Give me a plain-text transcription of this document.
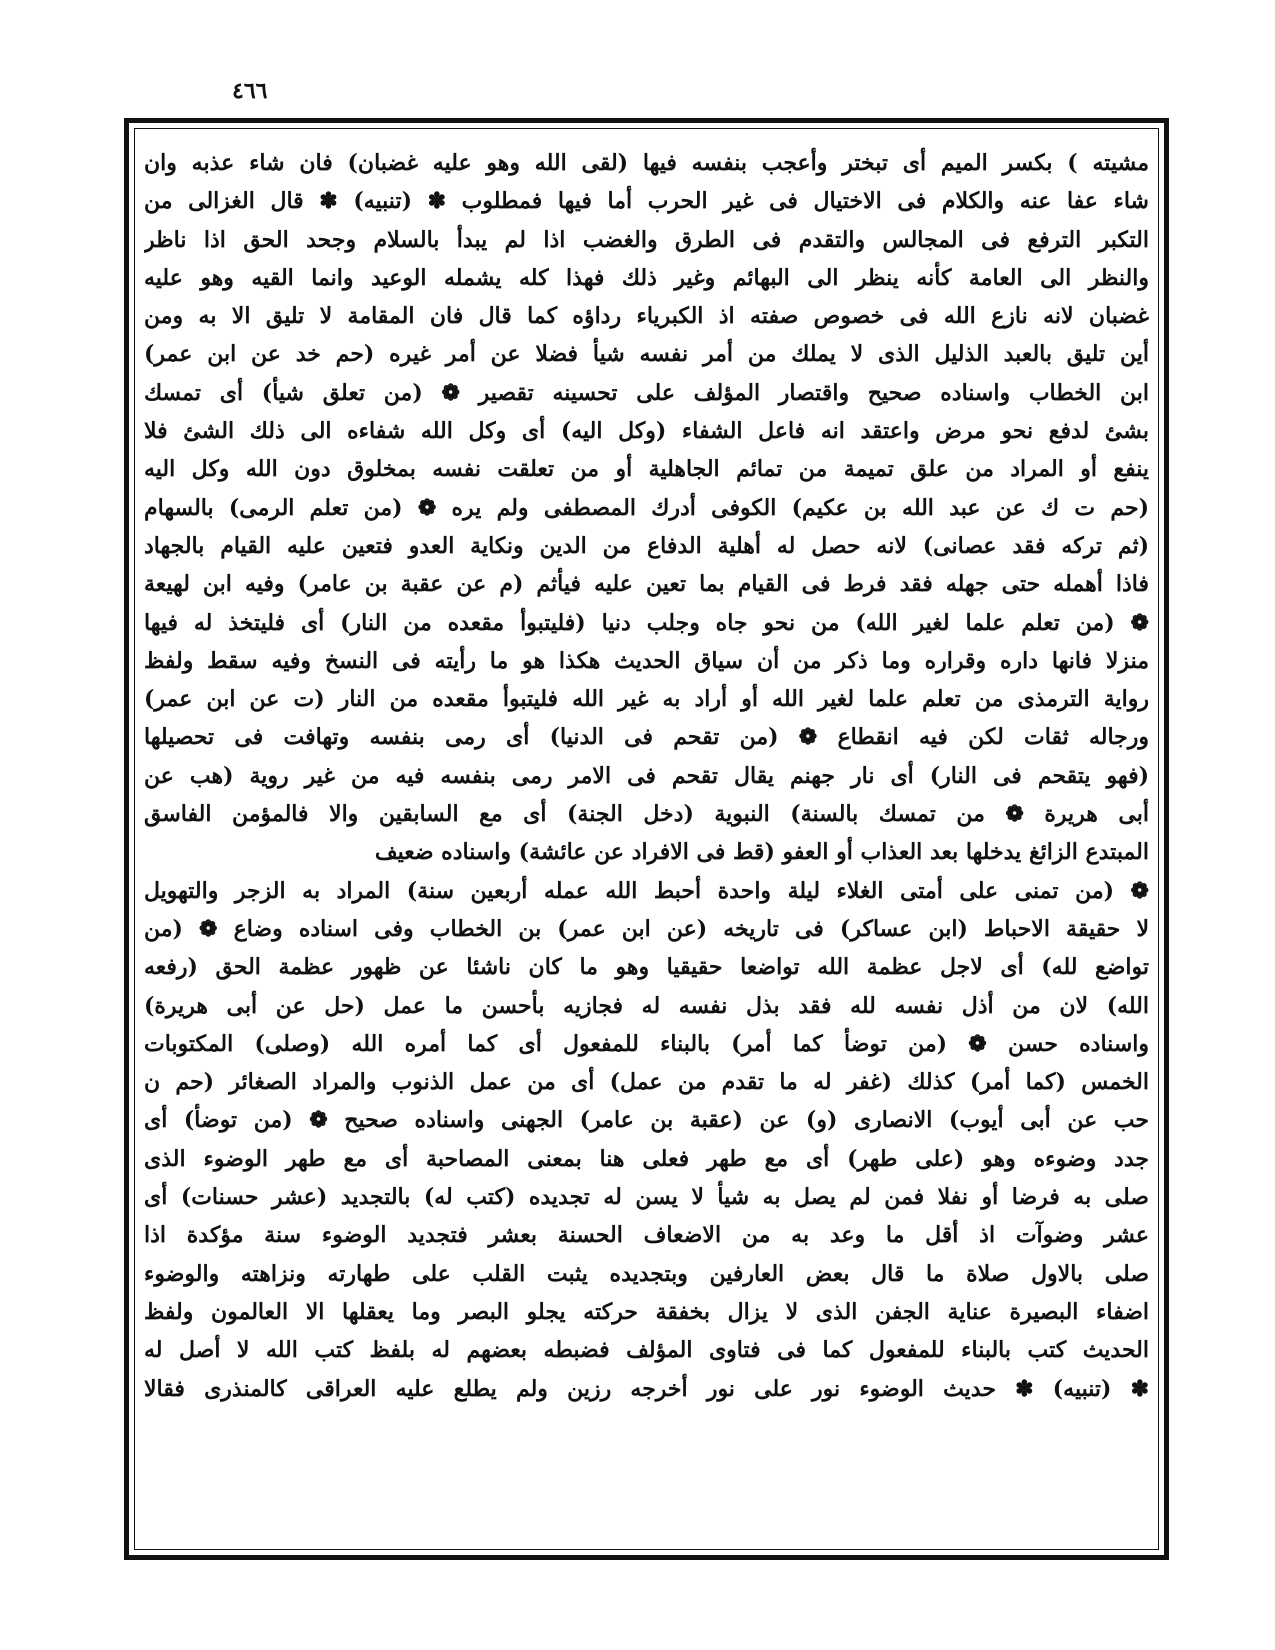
٤٦٦
مشيته ) بكسر الميم أى تبختر وأعجب بنفسه فيها (لقى الله وهو عليه غضبان) فان شاء عذبه وان
شاء عفا عنه والكلام فى الاختيال فى غير الحرب أما فيها فمطلوب ✽ (تنبيه) ✽ قال الغزالى من
التكبر الترفع فى المجالس والتقدم فى الطرق والغضب اذا لم يبدأ بالسلام وجحد الحق اذا ناظر
والنظر الى العامة كأنه ينظر الى البهائم وغير ذلك فهذا كله يشمله الوعيد وانما القيه وهو عليه
غضبان لانه نازع الله فى خصوص صفته اذ الكبرياء رداؤه كما قال فان المقامة لا تليق الا به ومن
أين تليق بالعبد الذليل الذى لا يملك من أمر نفسه شيأ فضلا عن أمر غيره (حم خد عن ابن عمر)
ابن الخطاب واسناده صحيح واقتصار المؤلف على تحسينه تقصير ❁ (من تعلق شيأ) أى تمسك
بشئ لدفع نحو مرض واعتقد انه فاعل الشفاء (وكل اليه) أى وكل الله شفاءه الى ذلك الشئ فلا
ينفع أو المراد من علق تميمة من تمائم الجاهلية أو من تعلقت نفسه بمخلوق دون الله وكل اليه
(حم ت ك عن عبد الله بن عكيم) الكوفى أدرك المصطفى ولم يره ❁ (من تعلم الرمى) بالسهام
(ثم تركه فقد عصانى) لانه حصل له أهلية الدفاع من الدين ونكاية العدو فتعين عليه القيام بالجهاد
فاذا أهمله حتى جهله فقد فرط فى القيام بما تعين عليه فيأثم (م عن عقبة بن عامر) وفيه ابن لهيعة
❁ (من تعلم علما لغير الله) من نحو جاه وجلب دنيا (فليتبوأ مقعده من النار) أى فليتخذ له فيها
منزلا فانها داره وقراره وما ذكر من أن سياق الحديث هكذا هو ما رأيته فى النسخ وفيه سقط ولفظ
رواية الترمذى من تعلم علما لغير الله أو أراد به غير الله فليتبوأ مقعده من النار (ت عن ابن عمر)
ورجاله ثقات لكن فيه انقطاع ❁ (من تقحم فى الدنيا) أى رمى بنفسه وتهافت فى تحصيلها
(فهو يتقحم فى النار) أى نار جهنم يقال تقحم فى الامر رمى بنفسه فيه من غير روية (هب عن
أبى هريرة ❁ من تمسك بالسنة) النبوية (دخل الجنة) أى مع السابقين والا فالمؤمن الفاسق
المبتدع الزائغ يدخلها بعد العذاب أو العفو (قط فى الافراد عن عائشة) واسناده ضعيف
❁ (من تمنى على أمتى الغلاء ليلة واحدة أحبط الله عمله أربعين سنة) المراد به الزجر والتهويل
لا حقيقة الاحباط (ابن عساكر) فى تاريخه (عن ابن عمر) بن الخطاب وفى اسناده وضاع ❁ (من
تواضع لله) أى لاجل عظمة الله تواضعا حقيقيا وهو ما كان ناشئا عن ظهور عظمة الحق (رفعه
الله) لان من أذل نفسه لله فقد بذل نفسه له فجازيه بأحسن ما عمل (حل عن أبى هريرة)
واسناده حسن ❁ (من توضأ كما أمر) بالبناء للمفعول أى كما أمره الله (وصلى) المكتوبات
الخمس (كما أمر) كذلك (غفر له ما تقدم من عمل) أى من عمل الذنوب والمراد الصغائر (حم ن
حب عن أبى أيوب) الانصارى (و) عن (عقبة بن عامر) الجهنى واسناده صحيح ❁ (من توضأ) أى
جدد وضوءه وهو (على طهر) أى مع طهر فعلى هنا بمعنى المصاحبة أى مع طهر الوضوء الذى
صلى به فرضا أو نفلا فمن لم يصل به شيأ لا يسن له تجديده (كتب له) بالتجديد (عشر حسنات) أى
عشر وضوآت اذ أقل ما وعد به من الاضعاف الحسنة بعشر فتجديد الوضوء سنة مؤكدة اذا
صلى بالاول صلاة ما قال بعض العارفين وبتجديده يثبت القلب على طهارته ونزاهته والوضوء
اضفاء البصيرة عناية الجفن الذى لا يزال بخفقة حركته يجلو البصر وما يعقلها الا العالمون ولفظ
الحديث كتب بالبناء للمفعول كما فى فتاوى المؤلف فضبطه بعضهم له بلفظ كتب الله لا أصل له
✽ (تنبيه) ✽ حديث الوضوء نور على نور أخرجه رزين ولم يطلع عليه العراقى كالمنذرى فقالا
